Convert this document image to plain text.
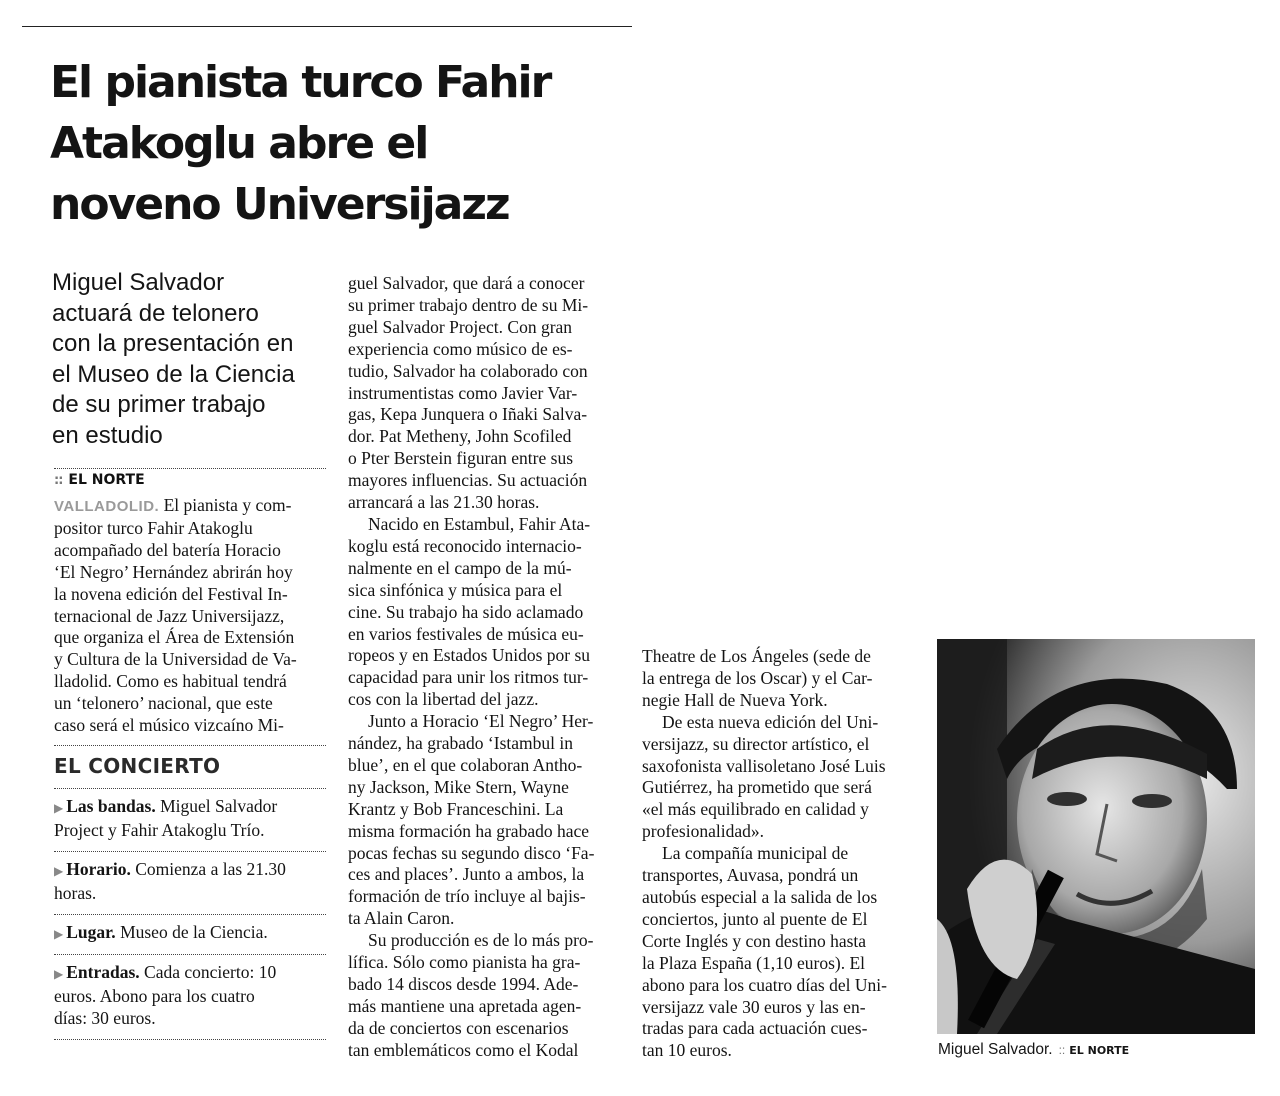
El pianista turco Fahir
Atakoglu abre el
noveno Universijazz
Miguel Salvador
actuará de telonero
con la presentación en
el Museo de la Ciencia
de su primer trabajo
en estudio
:: EL NORTE
VALLADOLID. El pianista y com-
positor turco Fahir Atakoglu
acompañado del batería Horacio
‘El Negro’ Hernández abrirán hoy
la novena edición del Festival In-
ternacional de Jazz Universijazz,
que organiza el Área de Extensión
y Cultura de la Universidad de Va-
lladolid. Como es habitual tendrá
un ‘telonero’ nacional, que este
caso será el músico vizcaíno Mi-
EL CONCIERTO
▶ Las bandas. Miguel Salvador
Project y Fahir Atakoglu Trío.
▶ Horario. Comienza a las 21.30
horas.
▶ Lugar. Museo de la Ciencia.
▶ Entradas. Cada concierto: 10
euros. Abono para los cuatro
días: 30 euros.
guel Salvador, que dará a conocer
su primer trabajo dentro de su Mi-
guel Salvador Project. Con gran
experiencia como músico de es-
tudio, Salvador ha colaborado con
instrumentistas como Javier Var-
gas, Kepa Junquera o Iñaki Salva-
dor. Pat Metheny, John Scofiled
o Pter Berstein figuran entre sus
mayores influencias. Su actuación
arrancará a las 21.30 horas.
Nacido en Estambul, Fahir Ata-
koglu está reconocido internacio-
nalmente en el campo de la mú-
sica sinfónica y música para el
cine. Su trabajo ha sido aclamado
en varios festivales de música eu-
ropeos y en Estados Unidos por su
capacidad para unir los ritmos tur-
cos con la libertad del jazz.
Junto a Horacio ‘El Negro’ Her-
nández, ha grabado ‘Istambul in
blue’, en el que colaboran Antho-
ny Jackson, Mike Stern, Wayne
Krantz y Bob Franceschini. La
misma formación ha grabado hace
pocas fechas su segundo disco ‘Fa-
ces and places’. Junto a ambos, la
formación de trío incluye al bajis-
ta Alain Caron.
Su producción es de lo más pro-
lífica. Sólo como pianista ha gra-
bado 14 discos desde 1994. Ade-
más mantiene una apretada agen-
da de conciertos con escenarios
tan emblemáticos como el Kodal
Theatre de Los Ángeles (sede de
la entrega de los Oscar) y el Car-
negie Hall de Nueva York.
De esta nueva edición del Uni-
versijazz, su director artístico, el
saxofonista vallisoletano José Luis
Gutiérrez, ha prometido que será
«el más equilibrado en calidad y
profesionalidad».
La compañía municipal de
transportes, Auvasa, pondrá un
autobús especial a la salida de los
conciertos, junto al puente de El
Corte Inglés y con destino hasta
la Plaza España (1,10 euros). El
abono para los cuatro días del Uni-
versijazz vale 30 euros y las en-
tradas para cada actuación cues-
tan 10 euros.	Miguel Salvador. :: EL NORTE
